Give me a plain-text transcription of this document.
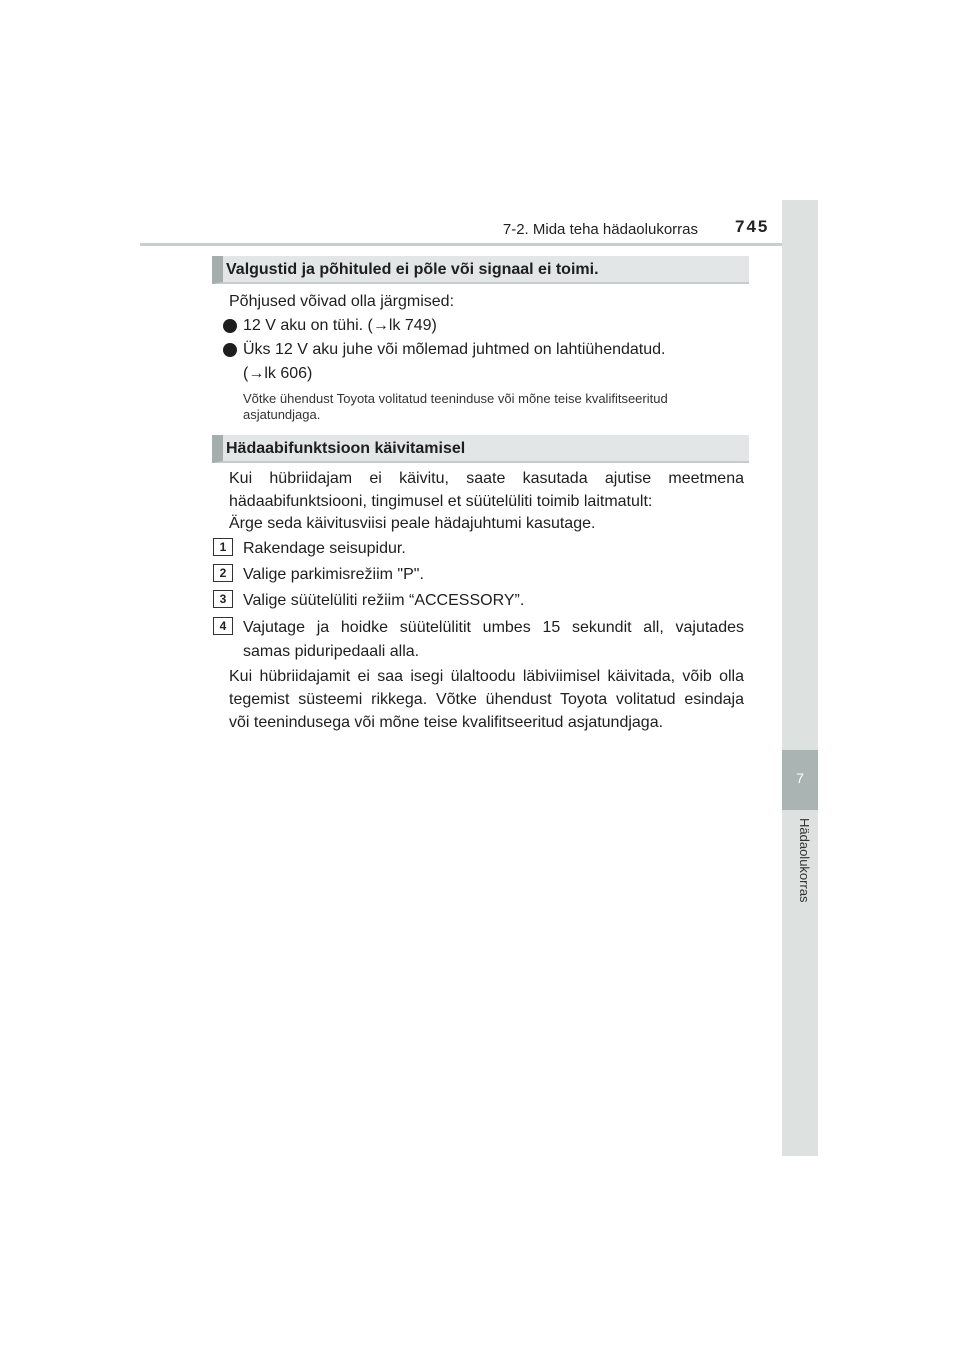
7-2. Mida teha hädaolukorras 745
7
Hädaolukorras
Valgustid ja põhituled ei põle või signaal ei toimi.
Põhjused võivad olla järgmised:
12 V aku on tühi. (→lk 749)
Üks 12 V aku juhe või mõlemad juhtmed on lahtiühendatud.
(→lk 606)
Võtke ühendust Toyota volitatud teeninduse või mõne teise kvalifitseeritud
asjatundjaga.
Hädaabifunktsioon käivitamisel
Kui hübriidajam ei käivitu, saate kasutada ajutise meetmena
hädaabifunktsiooni, tingimusel et süütelüliti toimib laitmatult:
Ärge seda käivitusviisi peale hädajuhtumi kasutage.
1	Rakendage seisupidur.
2	Valige parkimisrežiim "P".
3	Valige süütelüliti režiim “ACCESSORY”.
4	Vajutage ja hoidke süütelülitit umbes 15 sekundit all, vajutades
samas piduripedaali alla.
Kui hübriidajamit ei saa isegi ülaltoodu läbiviimisel käivitada, võib olla
tegemist süsteemi rikkega. Võtke ühendust Toyota volitatud esindaja
või teenindusega või mõne teise kvalifitseeritud asjatundjaga.
